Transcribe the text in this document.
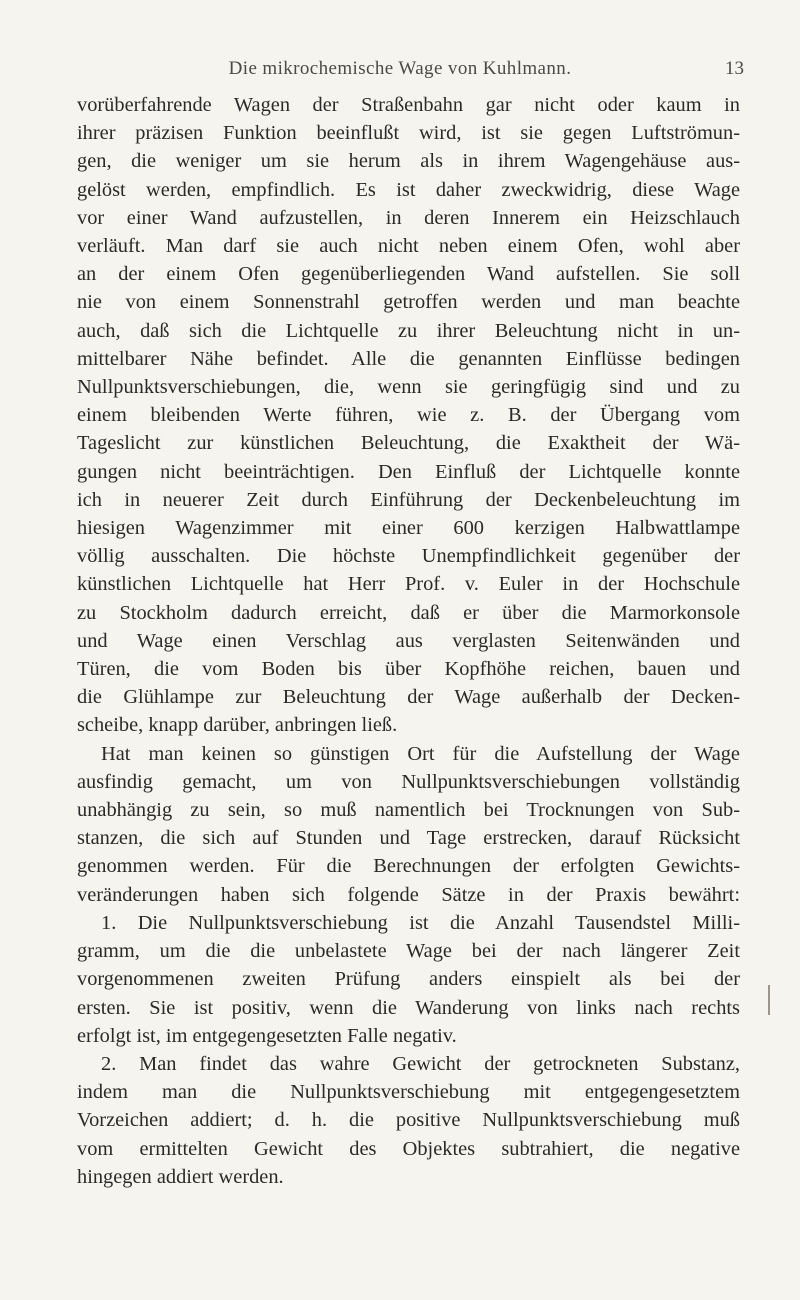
Die mikrochemische Wage von Kuhlmann.	13
vorüberfahrende Wagen der Straßenbahn gar nicht oder kaum in
ihrer präzisen Funktion beeinflußt wird, ist sie gegen Luftströmun-
gen, die weniger um sie herum als in ihrem Wagengehäuse aus-
gelöst werden, empfindlich. Es ist daher zweckwidrig, diese Wage
vor einer Wand aufzustellen, in deren Innerem ein Heizschlauch
verläuft. Man darf sie auch nicht neben einem Ofen, wohl aber
an der einem Ofen gegenüberliegenden Wand aufstellen. Sie soll
nie von einem Sonnenstrahl getroffen werden und man beachte
auch, daß sich die Lichtquelle zu ihrer Beleuchtung nicht in un-
mittelbarer Nähe befindet. Alle die genannten Einflüsse bedingen
Nullpunktsverschiebungen, die, wenn sie geringfügig sind und zu
einem bleibenden Werte führen, wie z. B. der Übergang vom
Tageslicht zur künstlichen Beleuchtung, die Exaktheit der Wä-
gungen nicht beeinträchtigen. Den Einfluß der Lichtquelle konnte
ich in neuerer Zeit durch Einführung der Deckenbeleuchtung im
hiesigen Wagenzimmer mit einer 600 kerzigen Halbwattlampe
völlig ausschalten. Die höchste Unempfindlichkeit gegenüber der
künstlichen Lichtquelle hat Herr Prof. v. Euler in der Hochschule
zu Stockholm dadurch erreicht, daß er über die Marmorkonsole
und Wage einen Verschlag aus verglasten Seitenwänden und
Türen, die vom Boden bis über Kopfhöhe reichen, bauen und
die Glühlampe zur Beleuchtung der Wage außerhalb der Decken-
scheibe, knapp darüber, anbringen ließ.
Hat man keinen so günstigen Ort für die Aufstellung der Wage
ausfindig gemacht, um von Nullpunktsverschiebungen vollständig
unabhängig zu sein, so muß namentlich bei Trocknungen von Sub-
stanzen, die sich auf Stunden und Tage erstrecken, darauf Rücksicht
genommen werden. Für die Berechnungen der erfolgten Gewichts-
veränderungen haben sich folgende Sätze in der Praxis bewährt:
1. Die Nullpunktsverschiebung ist die Anzahl Tausendstel Milli-
gramm, um die die unbelastete Wage bei der nach längerer Zeit
vorgenommenen zweiten Prüfung anders einspielt als bei der
ersten. Sie ist positiv, wenn die Wanderung von links nach rechts
erfolgt ist, im entgegengesetzten Falle negativ.
2. Man findet das wahre Gewicht der getrockneten Substanz,
indem man die Nullpunktsverschiebung mit entgegengesetztem
Vorzeichen addiert; d. h. die positive Nullpunktsverschiebung muß
vom ermittelten Gewicht des Objektes subtrahiert, die negative
hingegen addiert werden.
